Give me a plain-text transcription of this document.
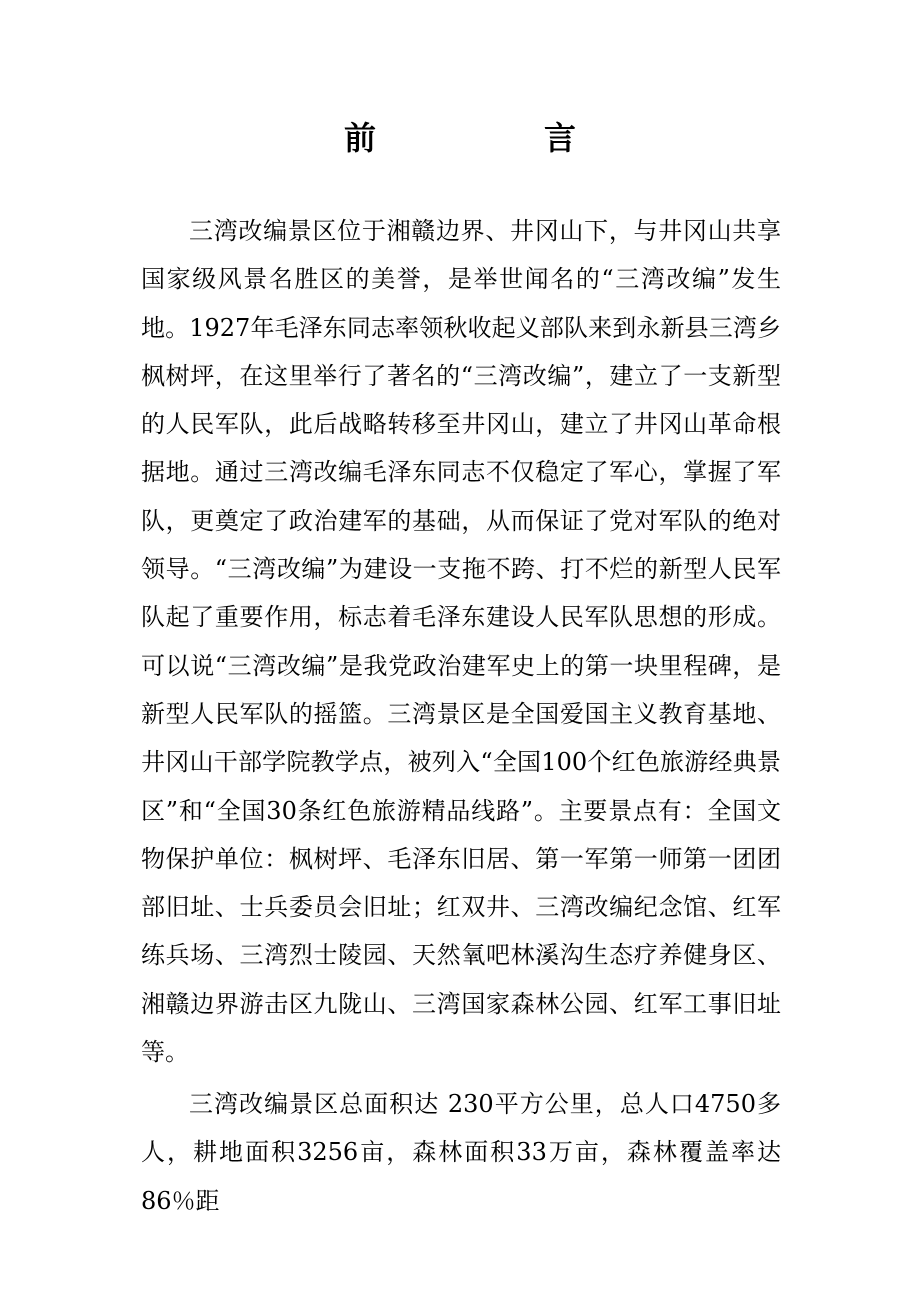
前　言

三湾改编景区位于湘赣边界、井冈山下，与井冈山共享国家级风景名胜区的美誉，是举世闻名的“三湾改编”发生地。1927年毛泽东同志率领秋收起义部队来到永新县三湾乡枫树坪，在这里举行了著名的“三湾改编”，建立了一支新型的人民军队，此后战略转移至井冈山，建立了井冈山革命根据地。通过三湾改编毛泽东同志不仅稳定了军心，掌握了军队，更奠定了政治建军的基础，从而保证了党对军队的绝对领导。“三湾改编”为建设一支拖不跨、打不烂的新型人民军队起了重要作用，标志着毛泽东建设人民军队思想的形成。可以说“三湾改编”是我党政治建军史上的第一块里程碑，是新型人民军队的摇篮。三湾景区是全国爱国主义教育基地、井冈山干部学院教学点，被列入“全国100个红色旅游经典景区”和“全国30条红色旅游精品线路”。主要景点有：全国文物保护单位：枫树坪、毛泽东旧居、第一军第一师第一团团部旧址、士兵委员会旧址；红双井、三湾改编纪念馆、红军练兵场、三湾烈士陵园、天然氧吧林溪沟生态疗养健身区、湘赣边界游击区九陇山、三湾国家森林公园、红军工事旧址等。

三湾改编景区总面积达 230平方公里，总人口4750多人，耕地面积3256亩，森林面积33万亩，森林覆盖率达86％距
